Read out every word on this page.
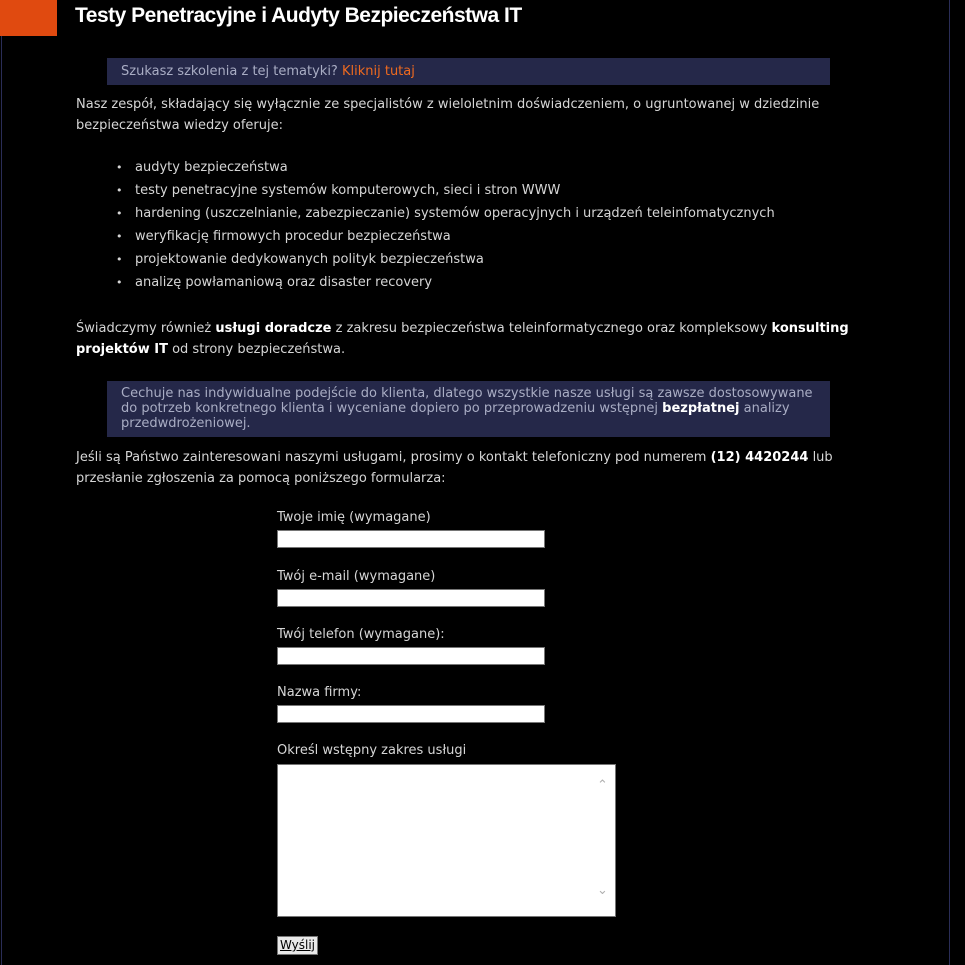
Testy Penetracyjne i Audyty Bezpieczeństwa IT
Szukasz szkolenia z tej tematyki? Kliknij tutaj

Nasz zespół, składający się wyłącznie ze specjalistów z wieloletnim doświadczeniem, o ugruntowanej w dziedzinie bezpieczeństwa wiedzy oferuje:

• audyty bezpieczeństwa
• testy penetracyjne systemów komputerowych, sieci i stron WWW
• hardening (uszczelnianie, zabezpieczanie) systemów operacyjnych i urządzeń teleinfomatycznych
• weryfikację firmowych procedur bezpieczeństwa
• projektowanie dedykowanych polityk bezpieczeństwa
• analizę powłamaniową oraz disaster recovery

Świadczymy również usługi doradcze z zakresu bezpieczeństwa teleinformatycznego oraz kompleksowy konsulting projektów IT od strony bezpieczeństwa.

Cechuje nas indywidualne podejście do klienta, dlatego wszystkie nasze usługi są zawsze dostosowywane do potrzeb konkretnego klienta i wyceniane dopiero po przeprowadzeniu wstępnej bezpłatnej analizy przedwdrożeniowej.

Jeśli są Państwo zainteresowani naszymi usługami, prosimy o kontakt telefoniczny pod numerem (12) 4420244 lub przesłanie zgłoszenia za pomocą poniższego formularza:

Twoje imię (wymagane)
Twój e-mail (wymagane)
Twój telefon (wymagane):
Nazwa firmy:
Określ wstępny zakres usługi
⌃
⌄
Wyślij
